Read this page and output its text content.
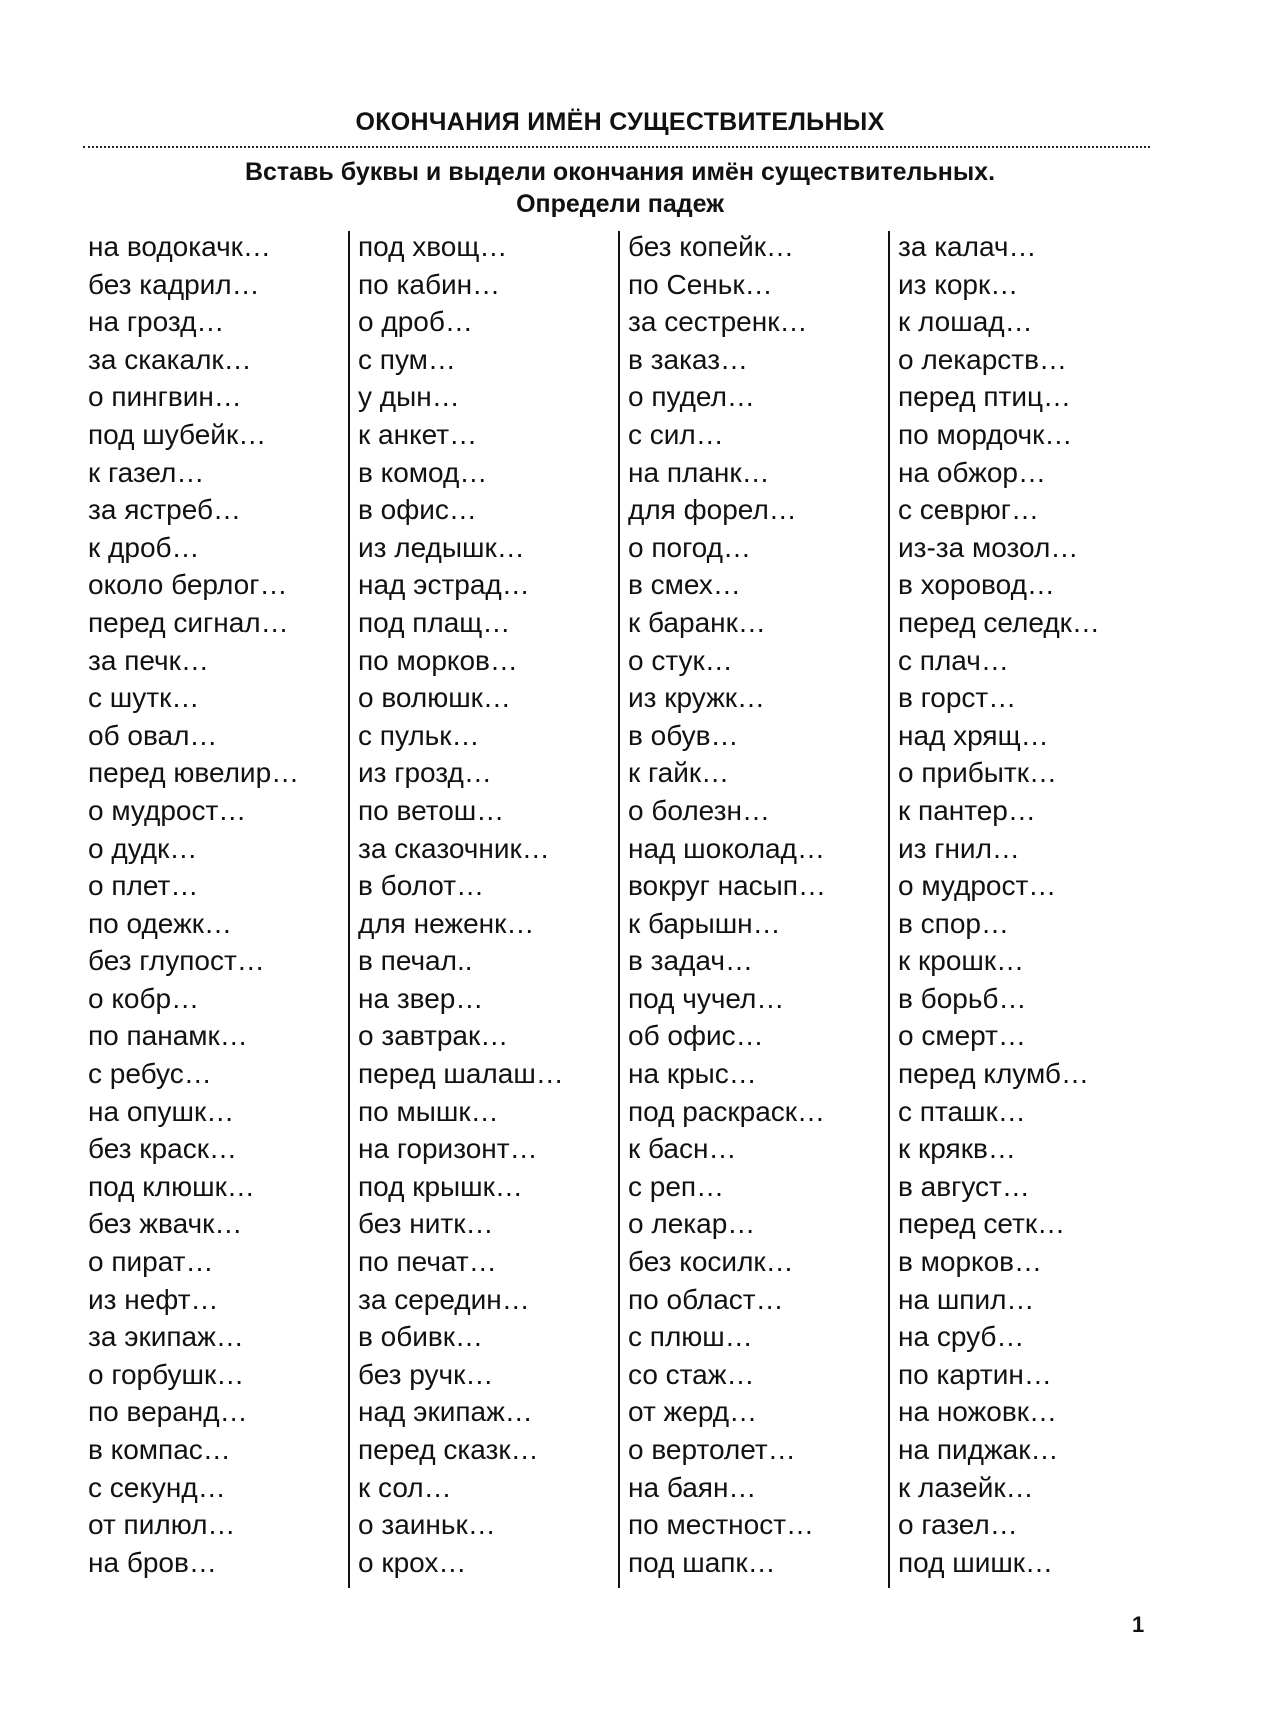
ОКОНЧАНИЯ ИМЁН СУЩЕСТВИТЕЛЬНЫХ
Вставь буквы и выдели окончания имён существительных.
Определи падеж
на водокачк…
без кадрил…
на грозд…
за скакалк…
о пингвин…
под шубейк…
к газел…
за ястреб…
к дроб…
около берлог…
перед сигнал…
за печк…
с шутк…
об овал…
перед ювелир…
о мудрост…
о дудк…
о плет…
по одежк…
без глупост…
о кобр…
по панамк…
с ребус…
на опушк…
без краск…
под клюшк…
без жвачк…
о пират…
из нефт…
за экипаж…
о горбушк…
по веранд…
в компас…
с секунд…
от пилюл…
на бров…
под хвощ…
по кабин…
о дроб…
с пум…
у дын…
к анкет…
в комод…
в офис…
из ледышк…
над эстрад…
под плащ…
по морков…
о волюшк…
с пульк…
из грозд…
по ветош…
за сказочник…
в болот…
для неженк…
в печал..
на звер…
о завтрак…
перед шалаш…
по мышк…
на горизонт…
под крышк…
без нитк…
по печат…
за середин…
в обивк…
без ручк…
над экипаж…
перед сказк…
к сол…
о заиньк…
о крох…
без копейк…
по Сеньк…
за сестренк…
в заказ…
о пудел…
с сил…
на планк…
для форел…
о погод…
в смех…
к баранк…
о стук…
из кружк…
в обув…
к гайк…
о болезн…
над шоколад…
вокруг насып…
к барышн…
в задач…
под чучел…
об офис…
на крыс…
под раскраск…
к басн…
с реп…
о лекар…
без косилк…
по област…
с плюш…
со стаж…
от жерд…
о вертолет…
на баян…
по местност…
под шапк…
за калач…
из корк…
к лошад…
о лекарств…
перед птиц…
по мордочк…
на обжор…
с севрюг…
из-за мозол…
в хоровод…
перед селедк…
с плач…
в горст…
над хрящ…
о прибытк…
к пантер…
из гнил…
о мудрост…
в спор…
к крошк…
в борьб…
о смерт…
перед клумб…
с пташк…
к крякв…
в август…
перед сетк…
в морков…
на шпил…
на сруб…
по картин…
на ножовк…
на пиджак…
к лазейк…
о газел…
под шишк…
1
